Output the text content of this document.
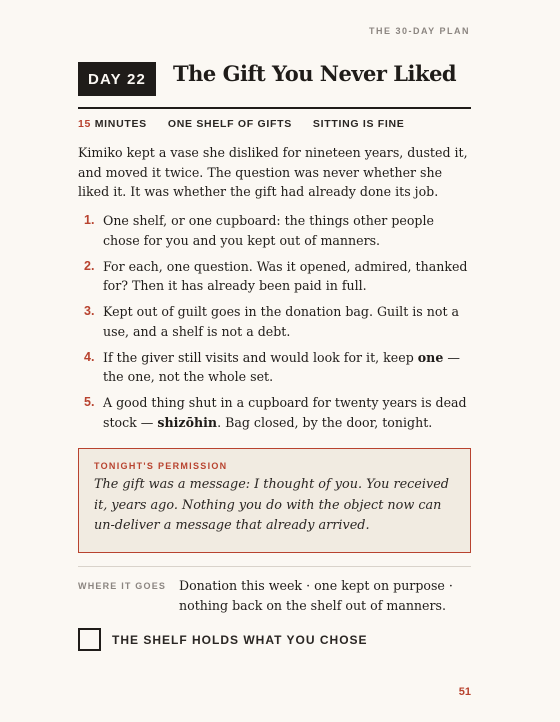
THE 30-DAY PLAN
DAY 22	The Gift You Never Liked
15 MINUTES ONE SHELF OF GIFTS SITTING IS FINE

Kimiko kept a vase she disliked for nineteen years, dusted it, and moved it twice. The question was never whether she liked it. It was whether the gift had already done its job.

1. One shelf, or one cupboard: the things other people chose for you and you kept out of manners.
2. For each, one question. Was it opened, admired, thanked for? Then it has already been paid in full.
3. Kept out of guilt goes in the donation bag. Guilt is not a use, and a shelf is not a debt.
4. If the giver still visits and would look for it, keep one — the one, not the whole set.
5. A good thing shut in a cupboard for twenty years is dead stock — shizōhin. Bag closed, by the door, tonight.
TONIGHT'S PERMISSION

The gift was a message: I thought of you. You received it, years ago. Nothing you do with the object now can un-deliver a message that already arrived.

WHERE IT GOES	Donation this week · one kept on purpose · nothing back on the shelf out of manners.

THE SHELF HOLDS WHAT YOU CHOSE
51
